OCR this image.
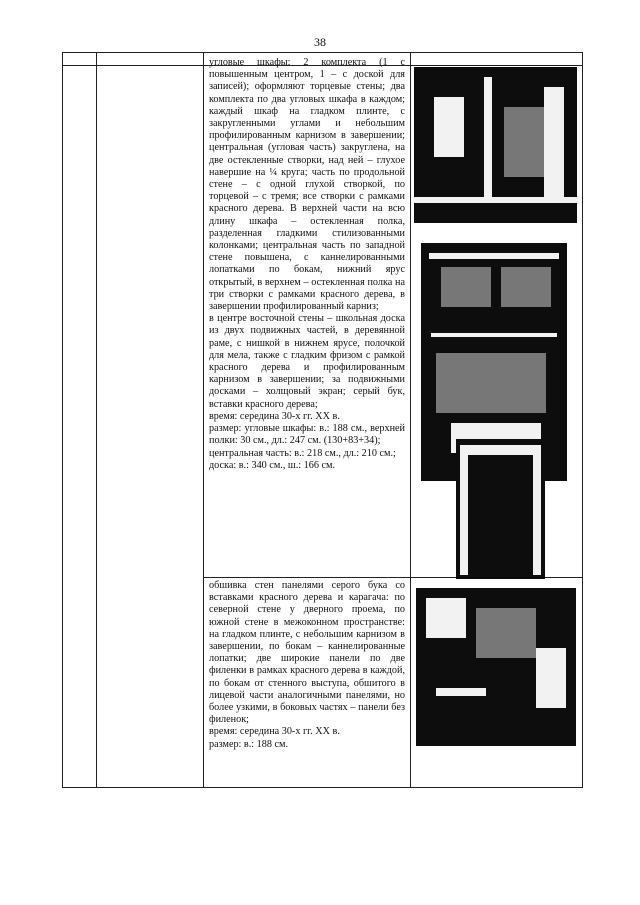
38

угловые шкафы: 2 комплекта (1 с повышенным центром, 1 – с доской для записей); оформляют торцевые стены; два комплекта по два угловых шкафа в каждом; каждый шкаф на гладком плинте, с закругленными углами и небольшим профилированным карнизом в завершении; центральная (угловая часть) закруглена, на две остекленные створки, над ней – глухое навершие на ¼ круга; часть по продольной стене – с одной глухой створкой, по торцевой – с тремя; все створки с рамками красного дерева. В верхней части на всю длину шкафа – остекленная полка, разделенная гладкими стилизованными колонками; центральная часть по западной стене повышена, с каннелированными лопатками по бокам, нижний ярус открытый, в верхнем – остекленная полка на три створки с рамками красного дерева, в завершении профилированный карниз;

в центре восточной стены – школьная доска из двух подвижных частей, в деревянной раме, с нишкой в нижнем ярусе, полочкой для мела, также с гладким фризом с рамкой красного дерева и профилированным карнизом в завершении; за подвижными досками – холщовый экран; серый бук, вставки красного дерева;

время: середина 30-х гг. XX в.

размер: угловые шкафы: в.: 188 см., верхней полки: 30 см., дл.: 247 см. (130+83+34);

центральная часть: в.: 218 см., дл.: 210 см.;

доска: в.: 340 см., ш.: 166 см.

обшивка стен панелями серого бука со вставками красного дерева и карагача: по северной стене у дверного проема, по южной стене в межоконном пространстве: на гладком плинте, с небольшим карнизом в завершении, по бокам – каннелированные лопатки; две широкие панели по две филенки в рамках красного дерева в каждой, по бокам от стенного выступа, обшитого в лицевой части аналогичными панелями, но более узкими, в боковых частях – панели без филенок;

время: середина 30-х гг. XX в.

размер: в.: 188 см.
